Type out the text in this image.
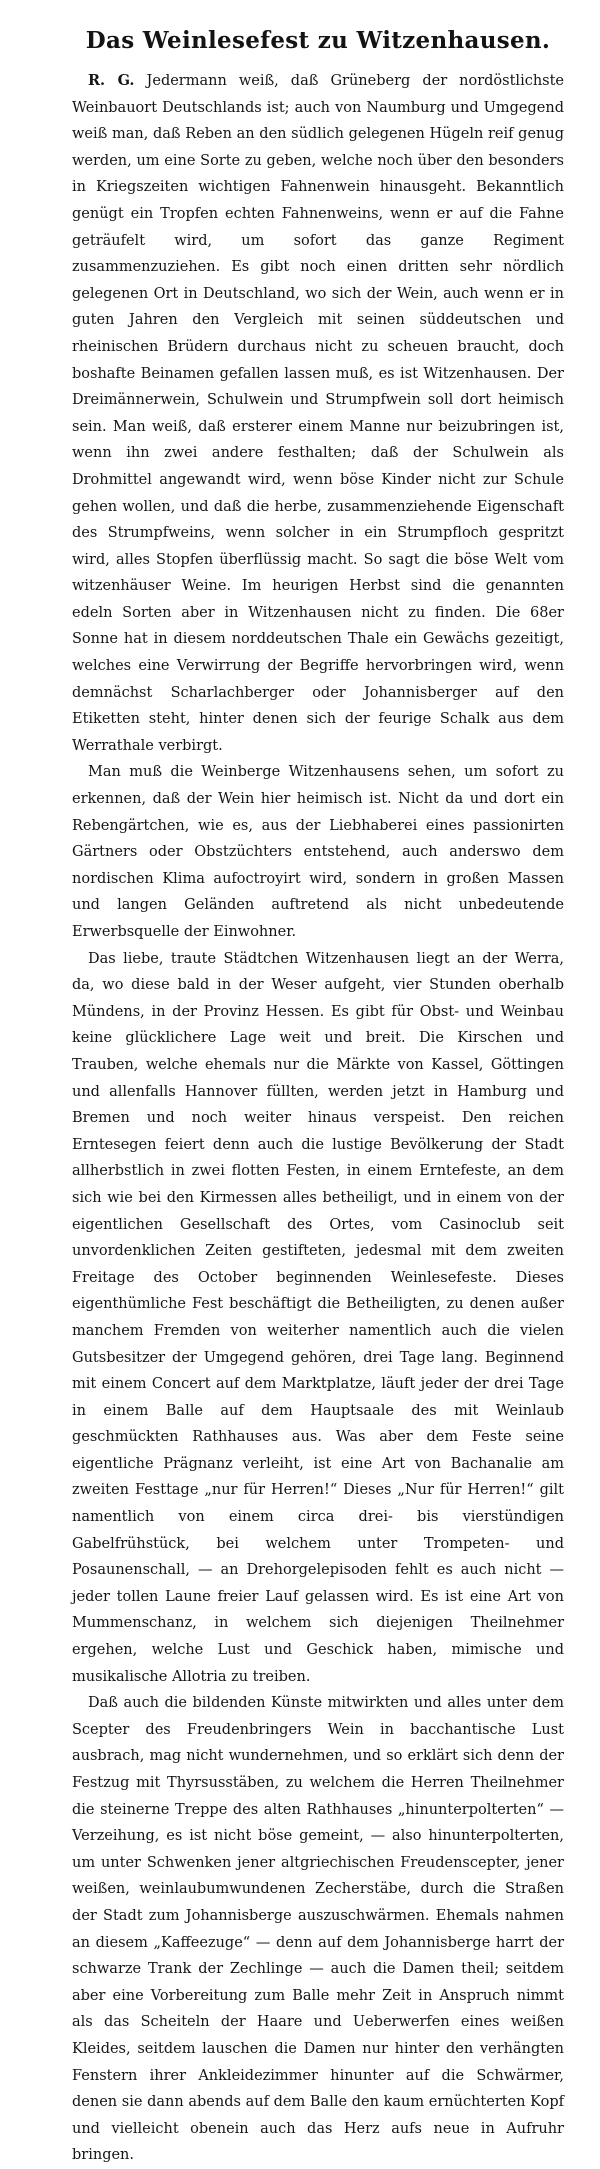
Das Weinlesefest zu Witzenhausen.

R. G. Jedermann weiß, daß Grüneberg der nordöstlichste Weinbauort Deutschlands ist; auch von Naumburg und Umgegend weiß man, daß Reben an den südlich gelegenen Hügeln reif genug werden, um eine Sorte zu geben, welche noch über den besonders in Kriegszeiten wichtigen Fahnenwein hinausgeht. Bekanntlich genügt ein Tropfen echten Fahnenweins, wenn er auf die Fahne geträufelt wird, um sofort das ganze Regiment zusammenzuziehen. Es gibt noch einen dritten sehr nördlich gelegenen Ort in Deutschland, wo sich der Wein, auch wenn er in guten Jahren den Vergleich mit seinen süddeutschen und rheinischen Brüdern durchaus nicht zu scheuen braucht, doch boshafte Beinamen gefallen lassen muß, es ist Witzenhausen. Der Dreimännerwein, Schulwein und Strumpfwein soll dort heimisch sein. Man weiß, daß ersterer einem Manne nur beizubringen ist, wenn ihn zwei andere festhalten; daß der Schulwein als Drohmittel angewandt wird, wenn böse Kinder nicht zur Schule gehen wollen, und daß die herbe, zusammenziehende Eigenschaft des Strumpfweins, wenn solcher in ein Strumpfloch gespritzt wird, alles Stopfen überflüssig macht. So sagt die böse Welt vom witzenhäuser Weine. Im heurigen Herbst sind die genannten edeln Sorten aber in Witzenhausen nicht zu finden. Die 68er Sonne hat in diesem norddeutschen Thale ein Gewächs gezeitigt, welches eine Verwirrung der Begriffe hervorbringen wird, wenn demnächst Scharlachberger oder Johannisberger auf den Etiketten steht, hinter denen sich der feurige Schalk aus dem Werrathale verbirgt.

Man muß die Weinberge Witzenhausens sehen, um sofort zu erkennen, daß der Wein hier heimisch ist. Nicht da und dort ein Rebengärtchen, wie es, aus der Liebhaberei eines passionirten Gärtners oder Obstzüchters entstehend, auch anderswo dem nordischen Klima aufoctroyirt wird, sondern in großen Massen und langen Geländen auftretend als nicht unbedeutende Erwerbsquelle der Einwohner.

Das liebe, traute Städtchen Witzenhausen liegt an der Werra, da, wo diese bald in der Weser aufgeht, vier Stunden oberhalb Mündens, in der Provinz Hessen. Es gibt für Obst- und Weinbau keine glücklichere Lage weit und breit. Die Kirschen und Trauben, welche ehemals nur die Märkte von Kassel, Göttingen und allenfalls Hannover füllten, werden jetzt in Hamburg und Bremen und noch weiter hinaus verspeist. Den reichen Erntesegen feiert denn auch die lustige Bevölkerung der Stadt allherbstlich in zwei flotten Festen, in einem Erntefeste, an dem sich wie bei den Kirmessen alles betheiligt, und in einem von der eigentlichen Gesellschaft des Ortes, vom Casinoclub seit unvordenklichen Zeiten gestifteten, jedesmal mit dem zweiten Freitage des October beginnenden Weinlesefeste. Dieses eigenthümliche Fest beschäftigt die Betheiligten, zu denen außer manchem Fremden von weiterher namentlich auch die vielen Gutsbesitzer der Umgegend gehören, drei Tage lang. Beginnend mit einem Concert auf dem Marktplatze, läuft jeder der drei Tage in einem Balle auf dem Hauptsaale des mit Weinlaub geschmückten Rathhauses aus. Was aber dem Feste seine eigentliche Prägnanz verleiht, ist eine Art von Bachanalie am zweiten Festtage „nur für Herren!“ Dieses „Nur für Herren!“ gilt namentlich von einem circa drei- bis vierstündigen Gabelfrühstück, bei welchem unter Trompeten- und Posaunenschall, — an Drehorgelepisoden fehlt es auch nicht — jeder tollen Laune freier Lauf gelassen wird. Es ist eine Art von Mummenschanz, in welchem sich diejenigen Theilnehmer ergehen, welche Lust und Geschick haben, mimische und musikalische Allotria zu treiben.

Daß auch die bildenden Künste mitwirkten und alles unter dem Scepter des Freudenbringers Wein in bacchantische Lust ausbrach, mag nicht wundernehmen, und so erklärt sich denn der Festzug mit Thyrsusstäben, zu welchem die Herren Theilnehmer die steinerne Treppe des alten Rathhauses „hinunterpolterten“ — Verzeihung, es ist nicht böse gemeint, — also hinunterpolterten, um unter Schwenken jener altgriechischen Freudenscepter, jener weißen, weinlaubumwundenen Zecherstäbe, durch die Straßen der Stadt zum Johannisberge auszuschwärmen. Ehemals nahmen an diesem „Kaffeezuge“ — denn auf dem Johannisberge harrt der schwarze Trank der Zechlinge — auch die Damen theil; seitdem aber eine Vorbereitung zum Balle mehr Zeit in Anspruch nimmt als das Scheiteln der Haare und Ueberwerfen eines weißen Kleides, seitdem lauschen die Damen nur hinter den verhängten Fenstern ihrer Ankleidezimmer hinunter auf die Schwärmer, denen sie dann abends auf dem Balle den kaum ernüchterten Kopf und vielleicht obenein auch das Herz aufs neue in Aufruhr bringen.
